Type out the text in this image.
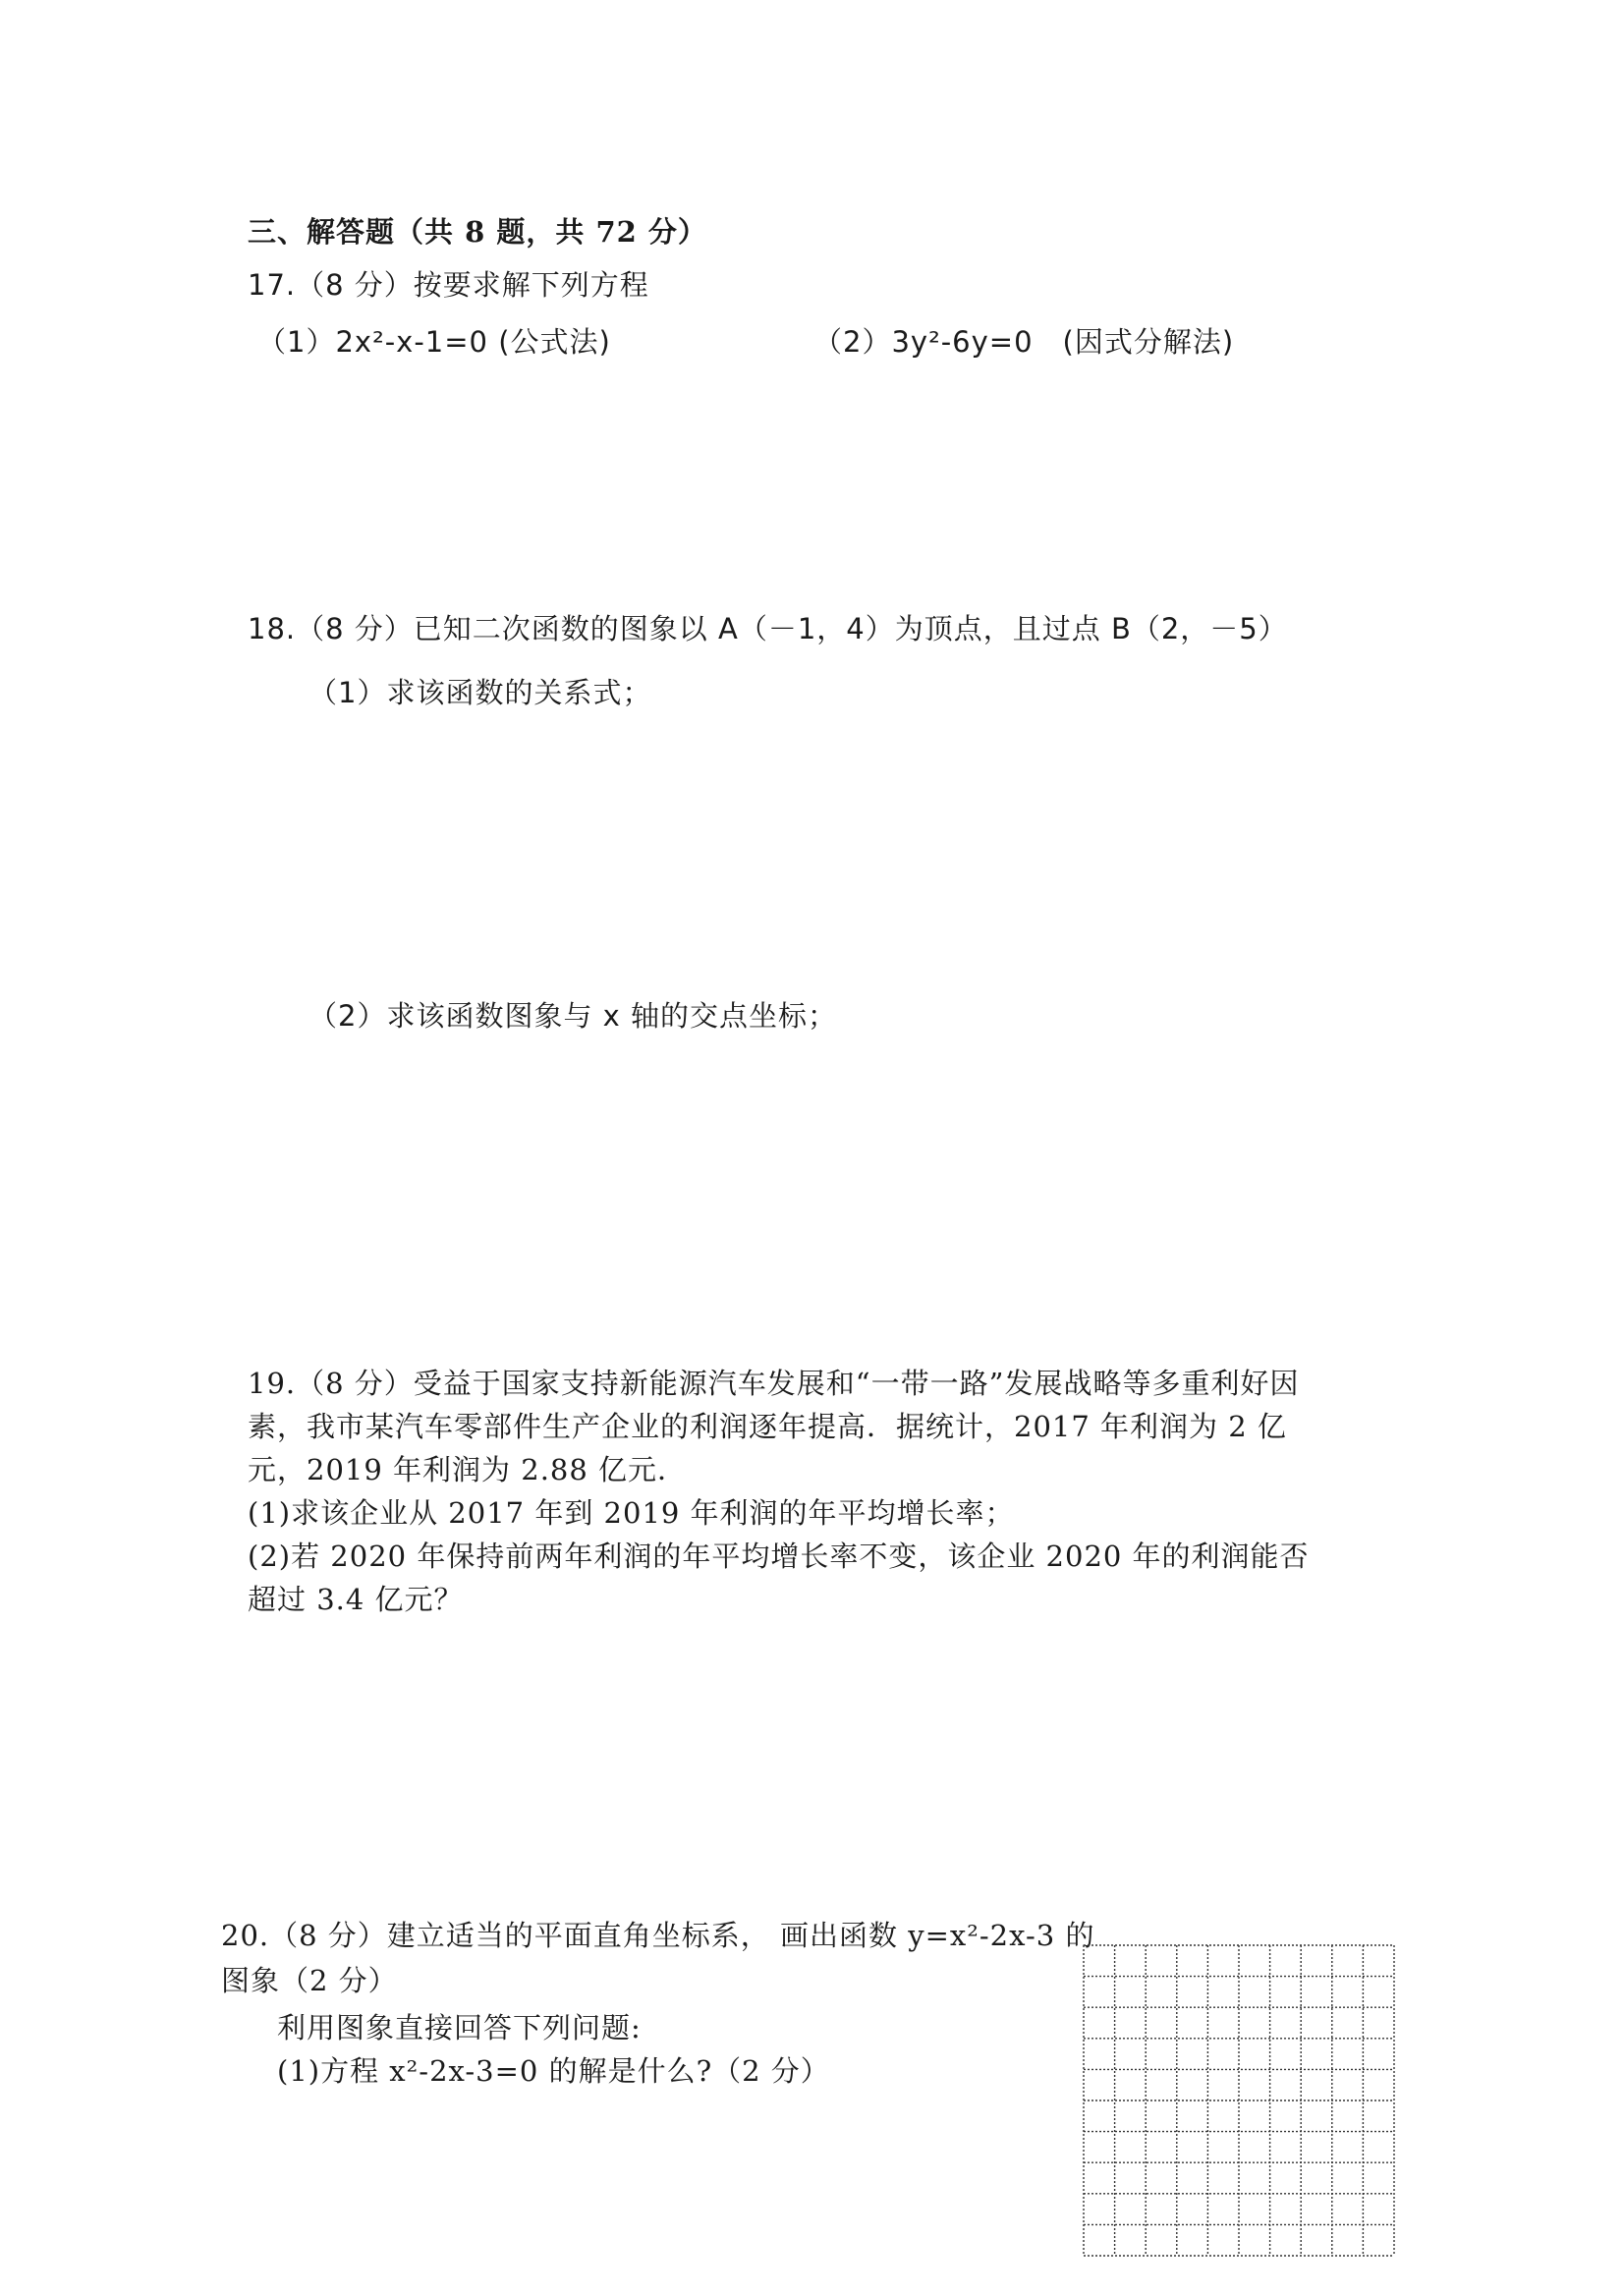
三、解答题（共 8 题，共 72 分）
17.（8 分）按要求解下列方程
（1）2x²-x-1=0 (公式法)	（2）3y²-6y=0　(因式分解法)
18.（8 分）已知二次函数的图象以 A（－1，4）为顶点，且过点 B（2，－5）
（1）求该函数的关系式；
（2）求该函数图象与 x 轴的交点坐标；
19.（8 分）受益于国家支持新能源汽车发展和“一带一路”发展战略等多重利好因
素，我市某汽车零部件生产企业的利润逐年提高．据统计，2017 年利润为 2 亿
元，2019 年利润为 2.88 亿元．
(1)求该企业从 2017 年到 2019 年利润的年平均增长率；
(2)若 2020 年保持前两年利润的年平均增长率不变，该企业 2020 年的利润能否
超过 3.4 亿元？
20.（8 分）建立适当的平面直角坐标系， 画出函数 y=x²-2x-3 的
图象（2 分）
利用图象直接回答下列问题:
(1)方程 x²-2x-3=0 的解是什么?（2 分）
